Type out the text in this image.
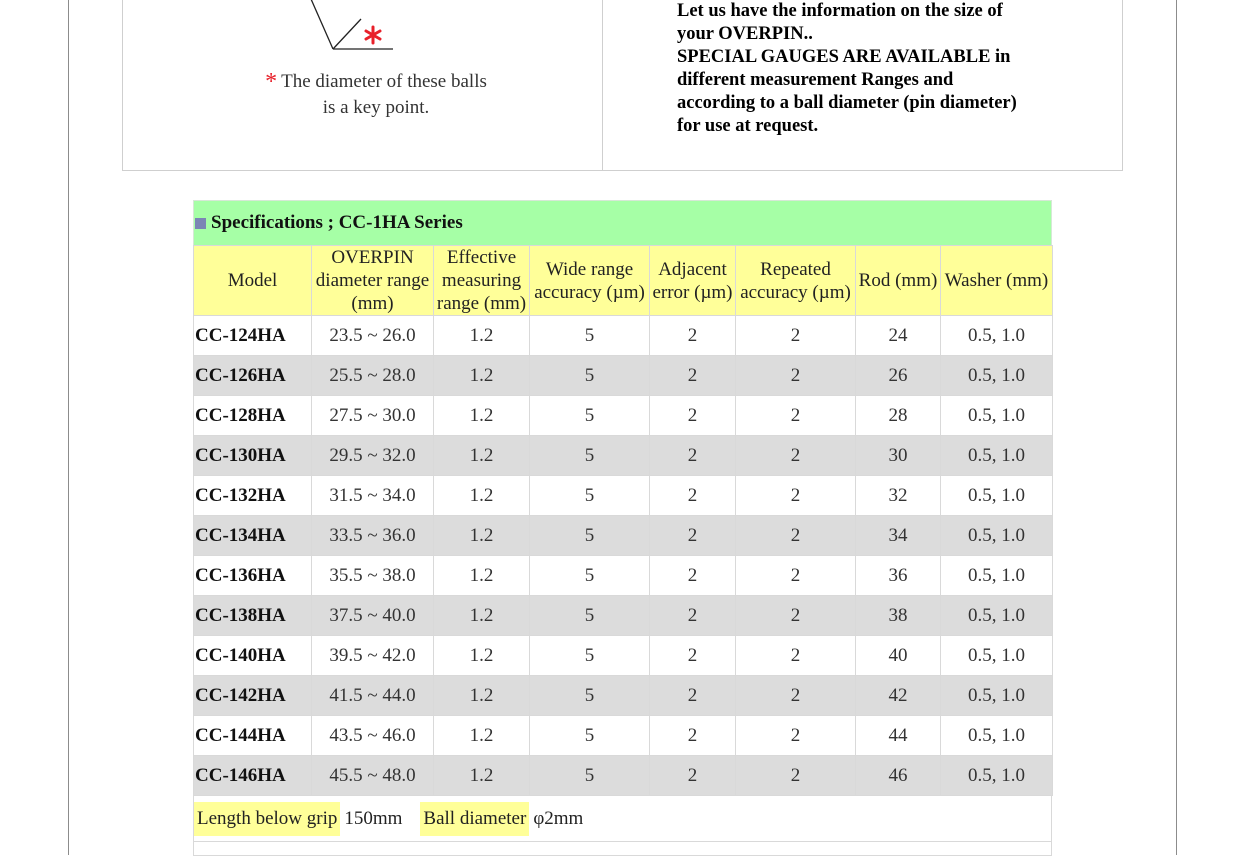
* The diameter of these balls
is a key point.
Let us have the information on the size of
your OVERPIN..
SPECIAL GAUGES ARE AVAILABLE in
different measurement Ranges and
according to a ball diameter (pin diameter)
for use at request.
Specifications ; CC-1HA Series
Model	OVERPIN diameter range (mm)	Effective measuring range (mm)	Wide range accuracy (µm)	Adjacent error (µm)	Repeated accuracy (µm)	Rod (mm)	Washer (mm)
CC-124HA	23.5 ~ 26.0	1.2	5	2	2	24	0.5, 1.0
CC-126HA	25.5 ~ 28.0	1.2	5	2	2	26	0.5, 1.0
CC-128HA	27.5 ~ 30.0	1.2	5	2	2	28	0.5, 1.0
CC-130HA	29.5 ~ 32.0	1.2	5	2	2	30	0.5, 1.0
CC-132HA	31.5 ~ 34.0	1.2	5	2	2	32	0.5, 1.0
CC-134HA	33.5 ~ 36.0	1.2	5	2	2	34	0.5, 1.0
CC-136HA	35.5 ~ 38.0	1.2	5	2	2	36	0.5, 1.0
CC-138HA	37.5 ~ 40.0	1.2	5	2	2	38	0.5, 1.0
CC-140HA	39.5 ~ 42.0	1.2	5	2	2	40	0.5, 1.0
CC-142HA	41.5 ~ 44.0	1.2	5	2	2	42	0.5, 1.0
CC-144HA	43.5 ~ 46.0	1.2	5	2	2	44	0.5, 1.0
CC-146HA	45.5 ~ 48.0	1.2	5	2	2	46	0.5, 1.0
Length below grip 150mm Ball diameter φ2mm
